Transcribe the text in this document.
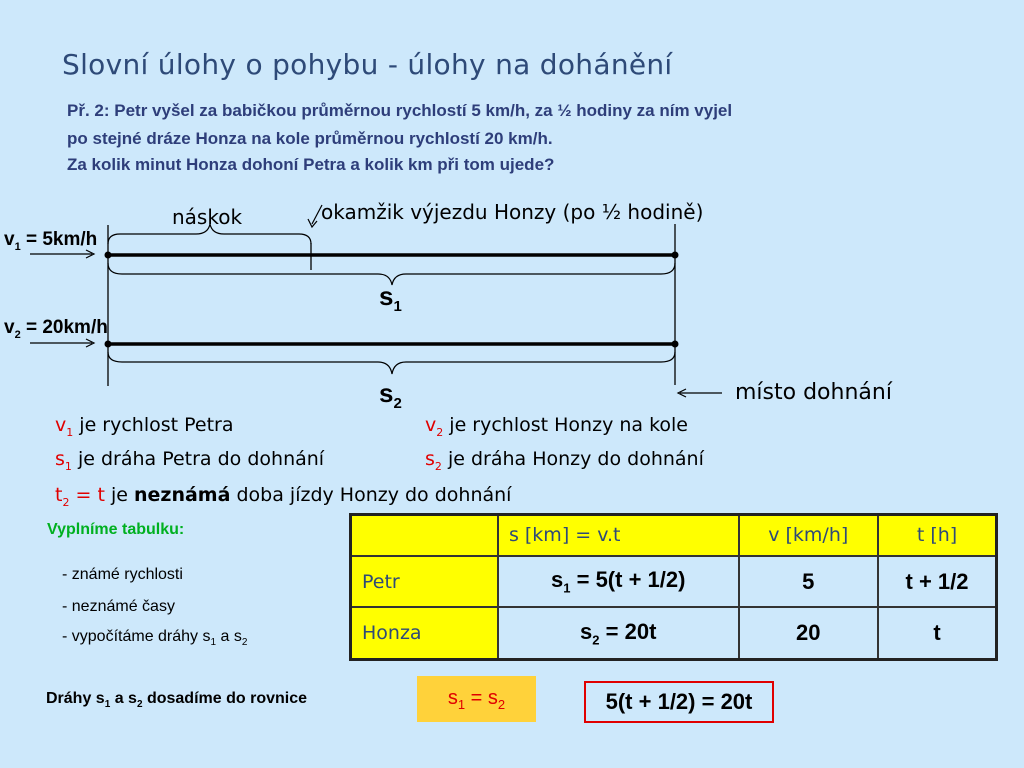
Slovní úlohy o pohybu - úlohy na dohánění
Př. 2: Petr vyšel za babičkou průměrnou rychlostí 5 km/h, za ½ hodiny za ním vyjel
po stejné dráze Honza na kole průměrnou rychlostí 20 km/h.
Za kolik minut Honza dohoní Petra a kolik km při tom ujede?
náskok	okamžik výjezdu Honzy (po ½ hodině)
$v_1 = 5km/h$
$v_2 = 20km/h$
$s_1$
$s_2$	místo dohnání
$v_1$ je rychlost Petra	$v_2$ je rychlost Honzy na kole
$s_1$ je dráha Petra do dohnání	$s_2$ je dráha Honzy do dohnání
$t_2 = t$ je neznámá doba jízdy Honzy do dohnání
Vyplníme tabulku:
- známé rychlosti
- neznámé časy
- vypočítáme dráhy $s_1$ a $s_2$
	s [km] = v.t	v [km/h]	t [h]
Petr	$s_1 = 5(t + 1/2)$	5	t + 1/2
Honza	$s_2 = 20t$	20	t
Dráhy $s_1$ a $s_2$ dosadíme do rovnice	$s_1 = s_2$	5(t + 1/2) = 20t
